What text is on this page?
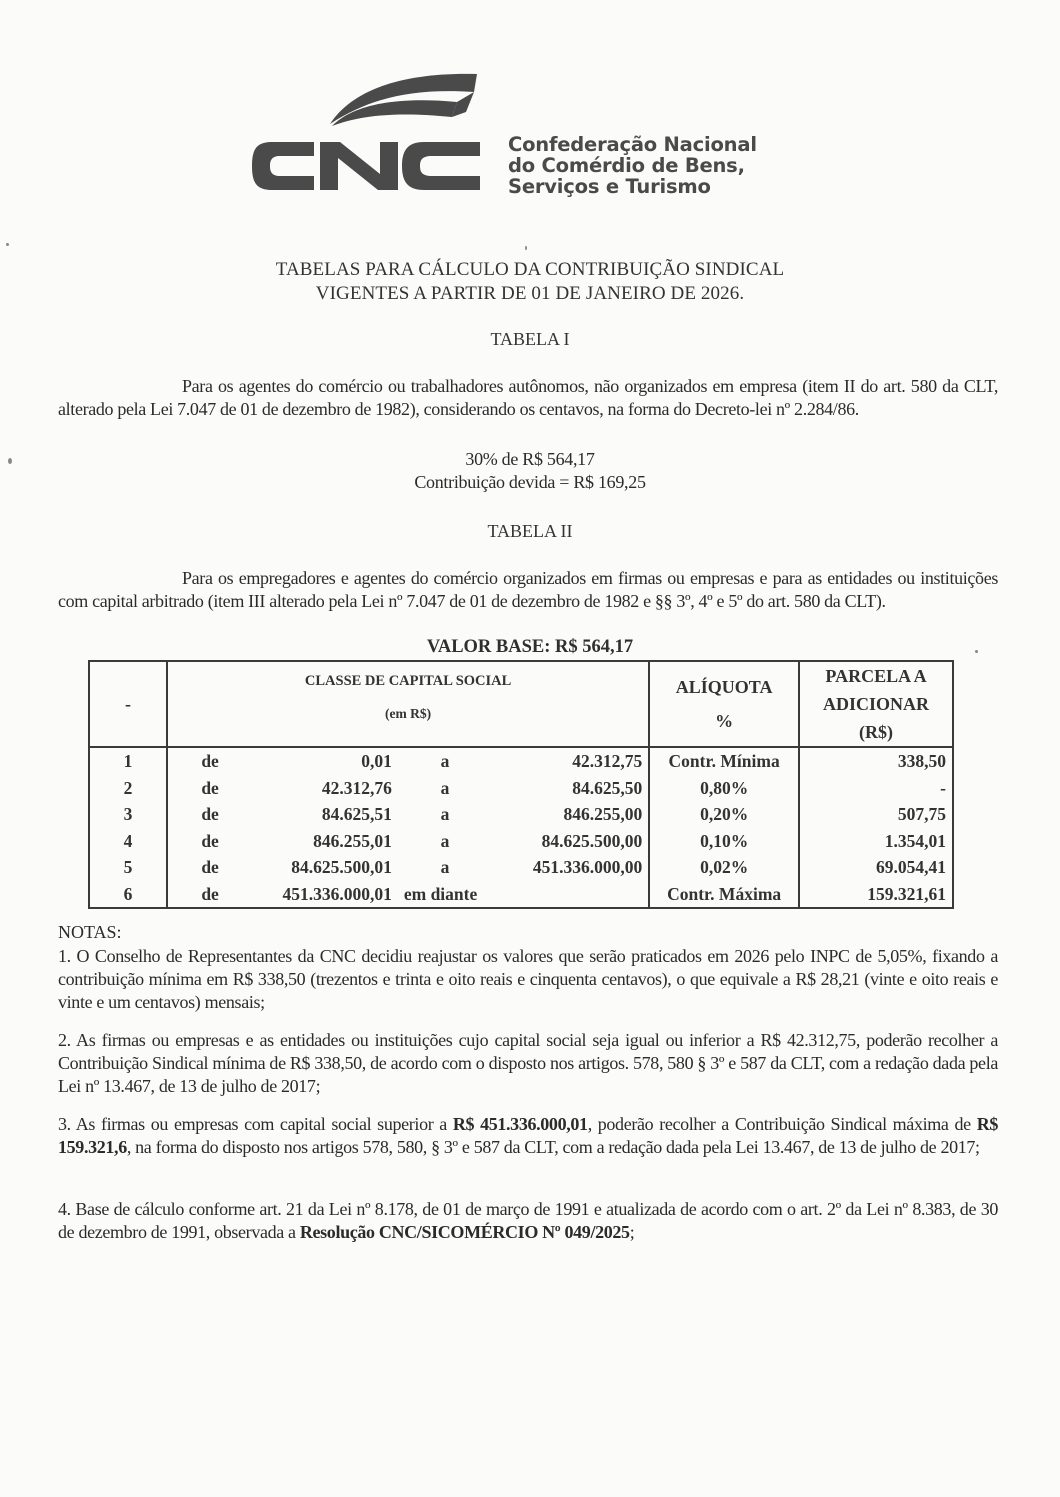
Confederação Nacional
do Comérdio de Bens,
Serviços e Turismo
TABELAS PARA CÁLCULO DA CONTRIBUIÇÃO SINDICAL
VIGENTES A PARTIR DE 01 DE JANEIRO DE 2026.
TABELA I
Para os agentes do comércio ou trabalhadores autônomos, não organizados em empresa (item II do art. 580 da CLT, alterado pela Lei 7.047 de 01 de dezembro de 1982), considerando os centavos, na forma do Decreto-lei nº 2.284/86.
30% de R$ 564,17
Contribuição devida = R$ 169,25
TABELA II
Para os empregadores e agentes do comércio organizados em firmas ou empresas e para as entidades ou instituições com capital arbitrado (item III alterado pela Lei nº 7.047 de 01 de dezembro de 1982 e §§ 3º, 4º e 5º do art. 580 da CLT).
VALOR BASE: R$ 564,17
-	
CLASSE DE CAPITAL SOCIAL
(em R$)

ALÍQUOTA
%

PARCELA A
ADICIONAR
(R$)

1	de	0,01	a	42.312,75	Contr. Mínima	338,50
2	de	42.312,76	a	84.625,50	0,80%	-
3	de	84.625,51	a	846.255,00	0,20%	507,75
4	de	846.255,01	a	84.625.500,00	0,10%	1.354,01
5	de	84.625.500,01	a	451.336.000,00	0,02%	69.054,41
6	de	451.336.000,01	em diante		Contr. Máxima	159.321,61
NOTAS:
1. O Conselho de Representantes da CNC decidiu reajustar os valores que serão praticados em 2026 pelo INPC de 5,05%, fixando a contribuição mínima em R$ 338,50 (trezentos e trinta e oito reais e cinquenta centavos), o que equivale a R$ 28,21 (vinte e oito reais e vinte e um centavos) mensais;
2. As firmas ou empresas e as entidades ou instituições cujo capital social seja igual ou inferior a R$ 42.312,75, poderão recolher a Contribuição Sindical mínima de R$ 338,50, de acordo com o disposto nos artigos. 578, 580 § 3º e 587 da CLT, com a redação dada pela Lei nº 13.467, de 13 de julho de 2017;
3. As firmas ou empresas com capital social superior a R$ 451.336.000,01, poderão recolher a Contribuição Sindical máxima de R$ 159.321,6, na forma do disposto nos artigos 578, 580, § 3º e 587 da CLT, com a redação dada pela Lei 13.467, de 13 de julho de 2017;
4. Base de cálculo conforme art. 21 da Lei nº 8.178, de 01 de março de 1991 e atualizada de acordo com o art. 2º da Lei nº 8.383, de 30 de dezembro de 1991, observada a Resolução CNC/SICOMÉRCIO Nº 049/2025;
